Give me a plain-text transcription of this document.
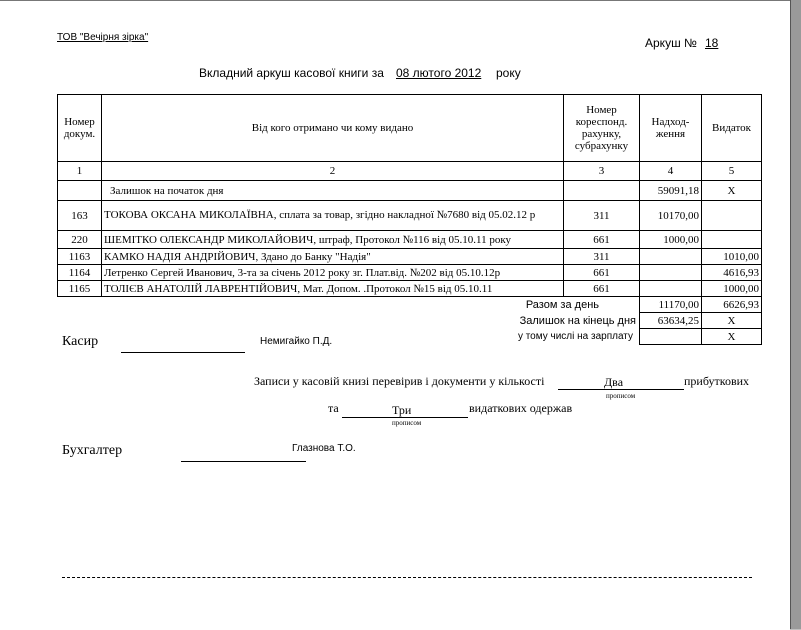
ТОВ "Вечірня зірка"	Аркуш № 18
Вкладний аркуш касової книги за 08 лютого 2012 року
Номер докум.	Від кого отримано чи кому видано	Номер кореспонд. рахунку, субрахунку	Надход-ження	Видаток
1	2	3	4	5
	Залишок на початок дня		59091,18	Х
163	ТОКОВА ОКСАНА МИКОЛАЇВНА, сплата за товар, згідно накладної №7680 від 05.02.12 р	311	10170,00	
220	ШЕМІТКО ОЛЕКСАНДР МИКОЛАЙОВИЧ, штраф, Протокол №116 від 05.10.11 року	661	1000,00	
1163	КАМКО НАДІЯ АНДРІЙОВИЧ, Здано до Банку "Надія"	311		1010,00
1164	Летренко Сергей Иванович, 3-та за січень 2012 року зг. Плат.від. №202 від 05.10.12р	661		4616,93
1165	ТОЛІЄВ АНАТОЛІЙ ЛАВРЕНТІЙОВИЧ, Мат. Допом. .Протокол №15 від 05.10.11	661		1000,00
Разом за день			11170,00	6626,93
Залишок на кінець дня			63634,25	Х
у тому числі на зарплату				Х
Касир	Немигайко П.Д.
Записи у касовій книзі перевірив і документи у кількості	Два
прописом
прибуткових
та	Три
прописом
видаткових одержав
Бухгалтер	Глазнова Т.О.
